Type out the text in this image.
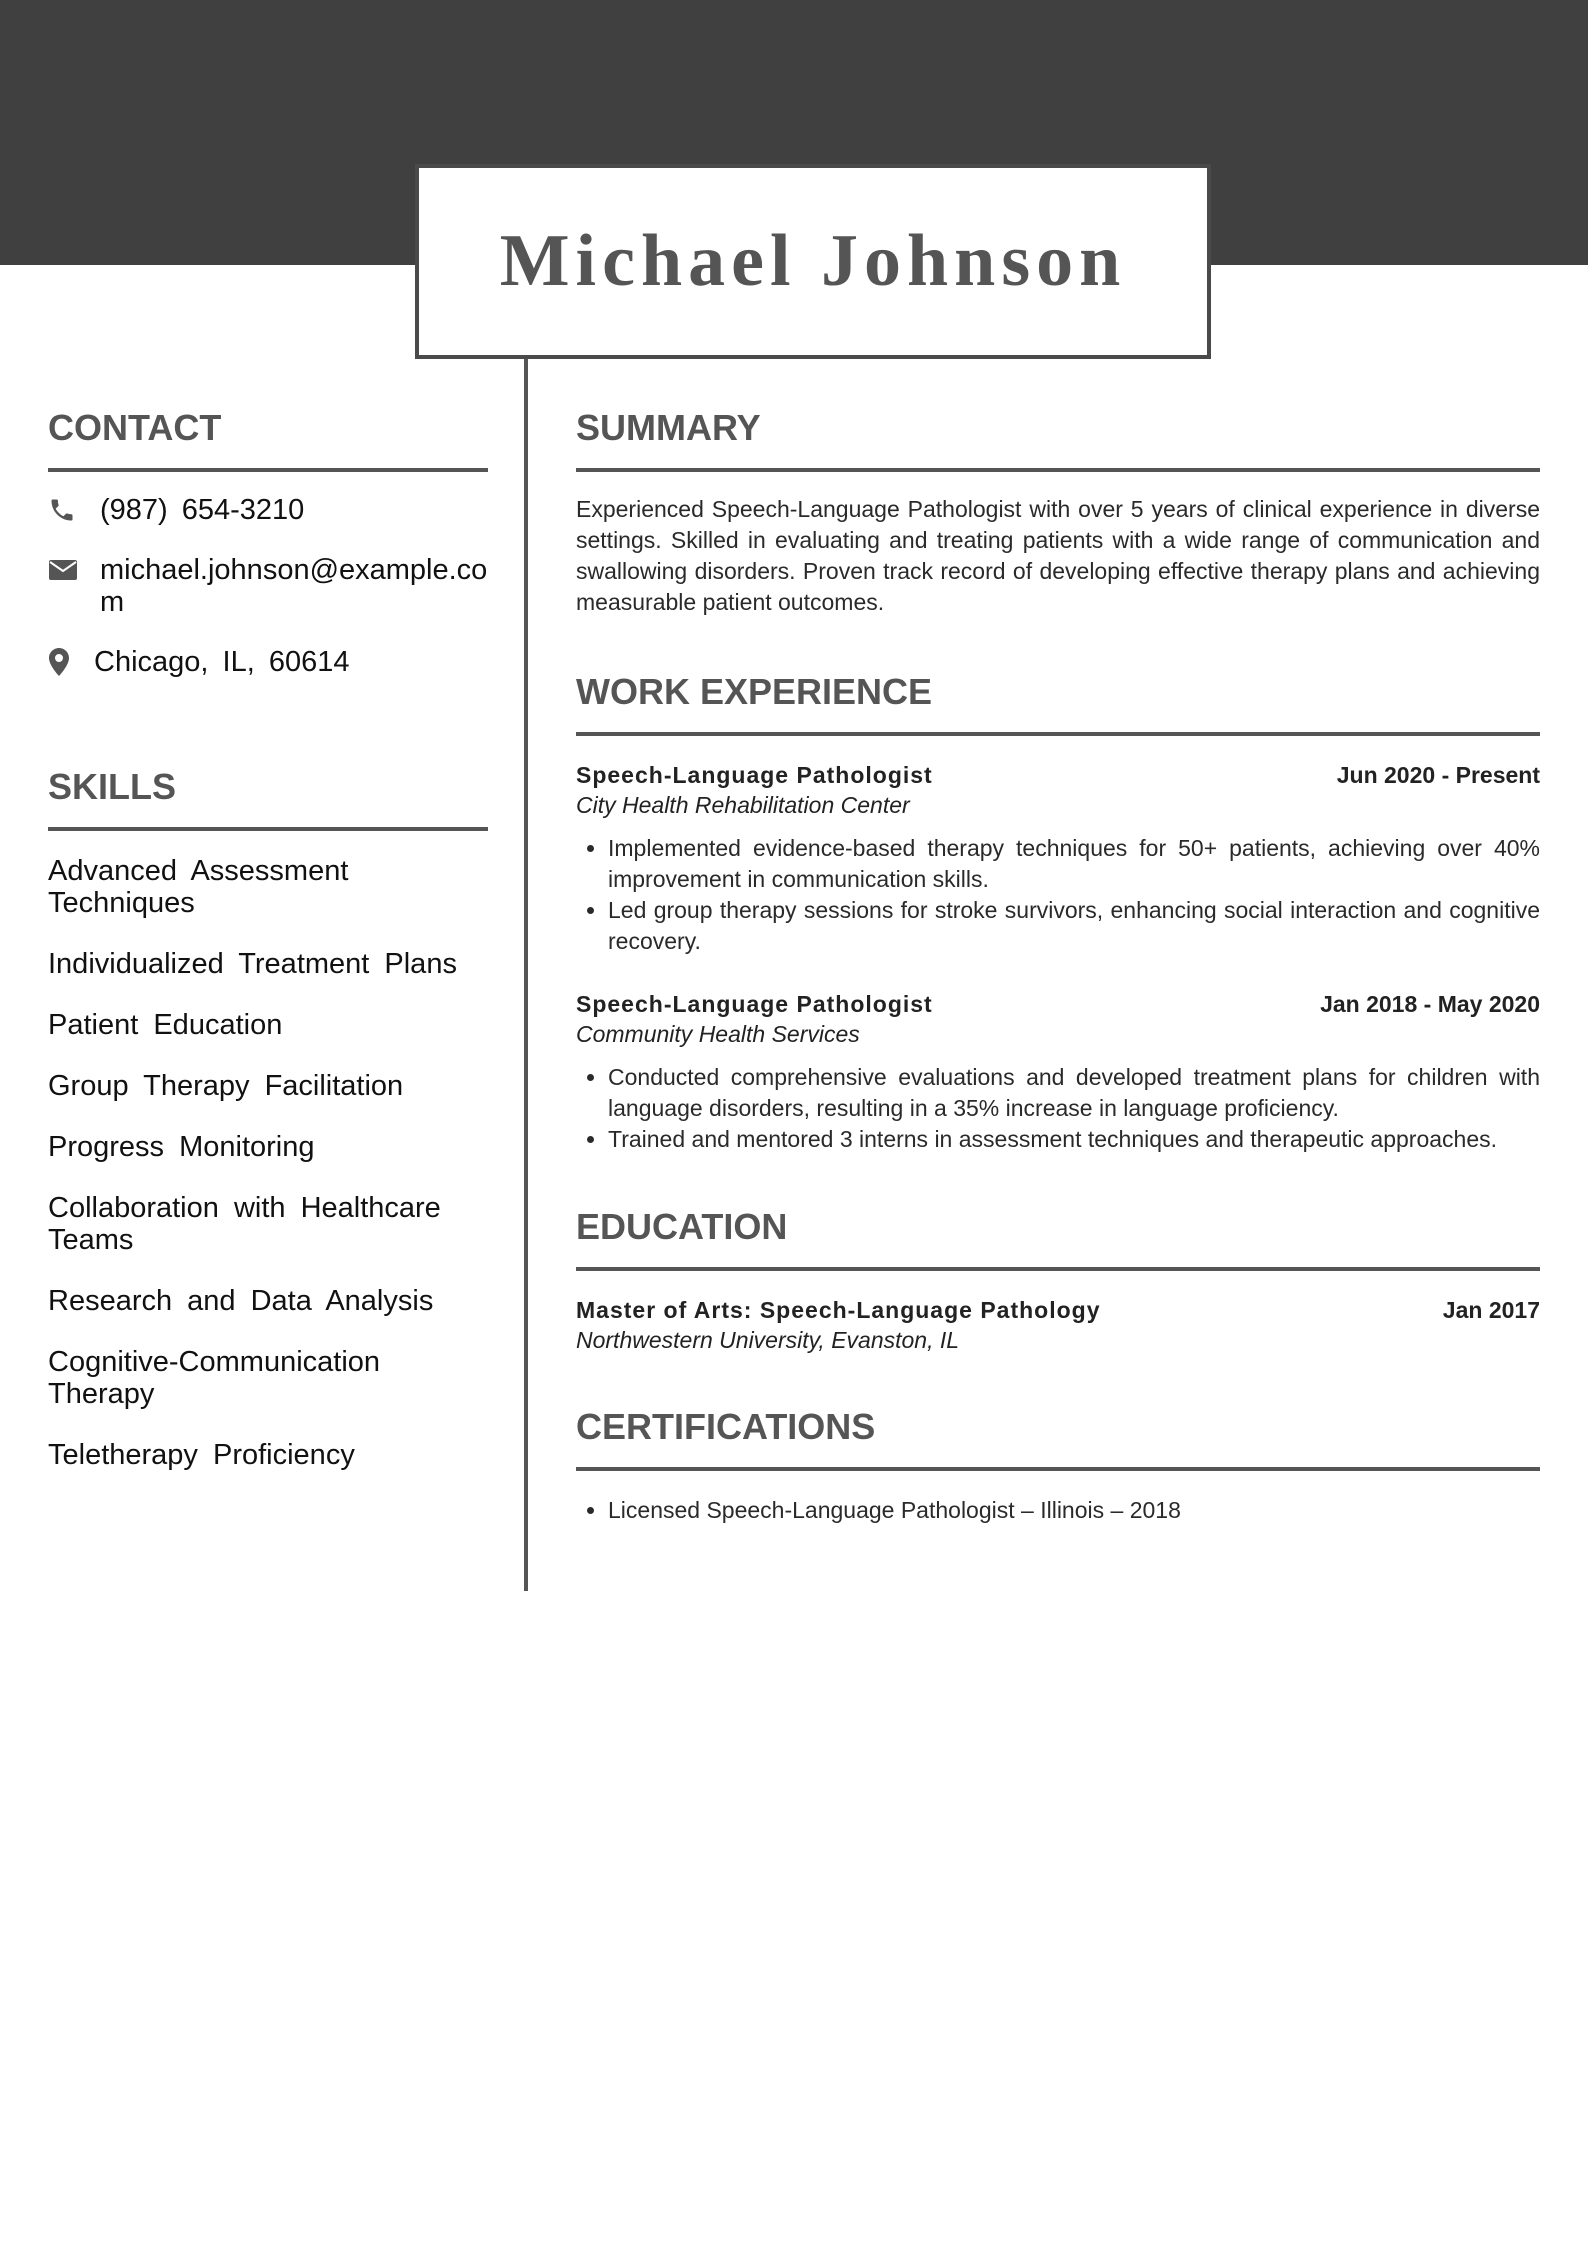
Michael Johnson
CONTACT
(987) 654-3210
michael.johnson@example.com
Chicago, IL, 60614
SKILLS
Advanced Assessment Techniques
Individualized Treatment Plans
Patient Education
Group Therapy Facilitation
Progress Monitoring
Collaboration with Healthcare Teams
Research and Data Analysis
Cognitive-Communication Therapy
Teletherapy Proficiency
SUMMARY

Experienced Speech-Language Pathologist with over 5 years of clinical experience in diverse settings. Skilled in evaluating and treating patients with a wide range of communication and swallowing disorders. Proven track record of developing effective therapy plans and achieving measurable patient outcomes.

WORK EXPERIENCE
Speech-Language Pathologist	Jun 2020 - Present
City Health Rehabilitation Center
• Implemented evidence-based therapy techniques for 50+ patients, achieving over 40% improvement in communication skills.
• Led group therapy sessions for stroke survivors, enhancing social interaction and cognitive recovery.
Speech-Language Pathologist	Jan 2018 - May 2020
Community Health Services
• Conducted comprehensive evaluations and developed treatment plans for children with language disorders, resulting in a 35% increase in language proficiency.
• Trained and mentored 3 interns in assessment techniques and therapeutic approaches.
EDUCATION
Master of Arts: Speech-Language Pathology	Jan 2017
Northwestern University, Evanston, IL
CERTIFICATIONS
• Licensed Speech-Language Pathologist – Illinois – 2018
